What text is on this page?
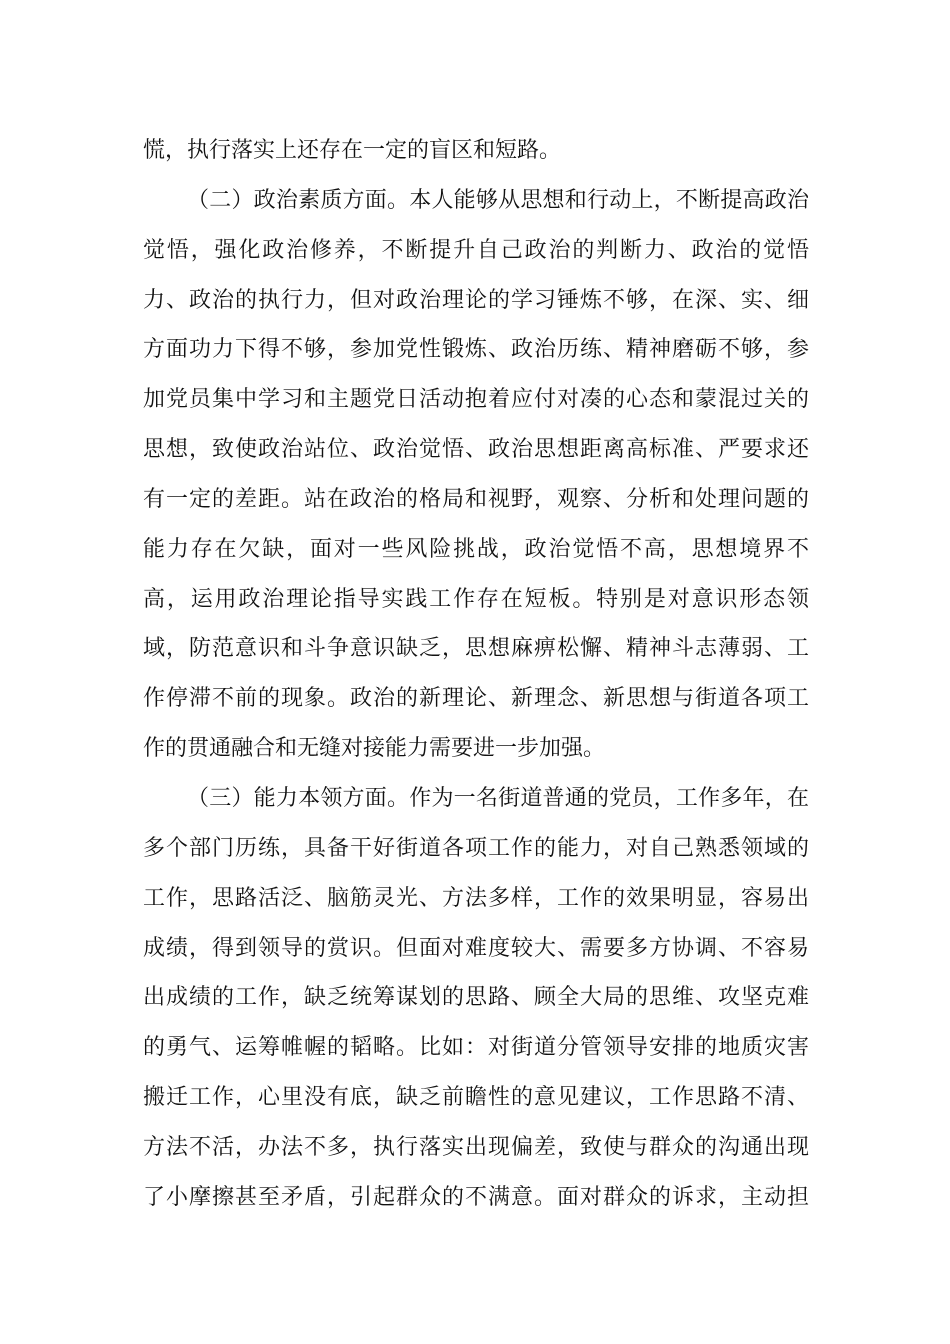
慌，执行落实上还存在一定的盲区和短路。
（二）政治素质方面。本人能够从思想和行动上，不断提高政治
觉悟，强化政治修养，不断提升自己政治的判断力、政治的觉悟
力、政治的执行力，但对政治理论的学习锤炼不够，在深、实、细
方面功力下得不够，参加党性锻炼、政治历练、精神磨砺不够，参
加党员集中学习和主题党日活动抱着应付对凑的心态和蒙混过关的
思想，致使政治站位、政治觉悟、政治思想距离高标准、严要求还
有一定的差距。站在政治的格局和视野，观察、分析和处理问题的
能力存在欠缺，面对一些风险挑战，政治觉悟不高，思想境界不
高，运用政治理论指导实践工作存在短板。特别是对意识形态领
域，防范意识和斗争意识缺乏，思想麻痹松懈、精神斗志薄弱、工
作停滞不前的现象。政治的新理论、新理念、新思想与街道各项工
作的贯通融合和无缝对接能力需要进一步加强。
（三）能力本领方面。作为一名街道普通的党员，工作多年，在
多个部门历练，具备干好街道各项工作的能力，对自己熟悉领域的
工作，思路活泛、脑筋灵光、方法多样，工作的效果明显，容易出
成绩，得到领导的赏识。但面对难度较大、需要多方协调、不容易
出成绩的工作，缺乏统筹谋划的思路、顾全大局的思维、攻坚克难
的勇气、运筹帷幄的韬略。比如：对街道分管领导安排的地质灾害
搬迁工作，心里没有底，缺乏前瞻性的意见建议，工作思路不清、
方法不活，办法不多，执行落实出现偏差，致使与群众的沟通出现
了小摩擦甚至矛盾，引起群众的不满意。面对群众的诉求，主动担
